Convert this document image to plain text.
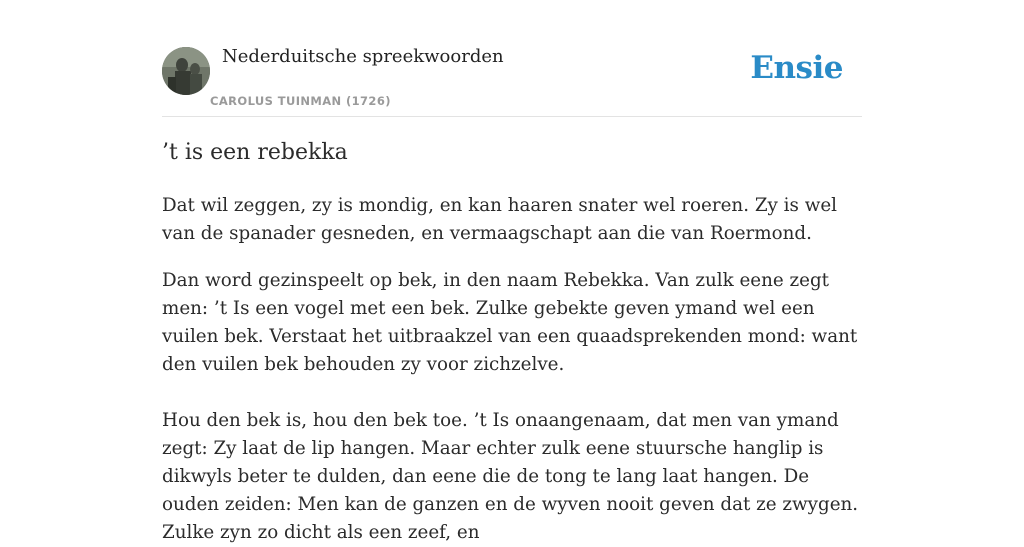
Nederduitsche spreekwoorden
CAROLUS TUINMAN (1726)
Ensie
’t is een rebekka

Dat wil zeggen, zy is mondig, en kan haaren snater wel roeren. Zy is wel van de spanader gesneden, en vermaagschapt aan die van Roermond.

Dan word gezinspeelt op bek, in den naam Rebekka. Van zulk eene zegt men: ’t Is een vogel met een bek. Zulke gebekte geven ymand wel een vuilen bek. Verstaat het uitbraakzel van een quaadsprekenden mond: want den vuilen bek behouden zy voor zichzelve.

Hou den bek is, hou den bek toe. ’t Is onaangenaam, dat men van ymand zegt: Zy laat de lip hangen. Maar echter zulk eene stuursche hanglip is dikwyls beter te dulden, dan eene die de tong te lang laat hangen. De ouden zeiden: Men kan de ganzen en de wyven nooit geven dat ze zwygen. Zulke zyn zo dicht als een zeef, en
